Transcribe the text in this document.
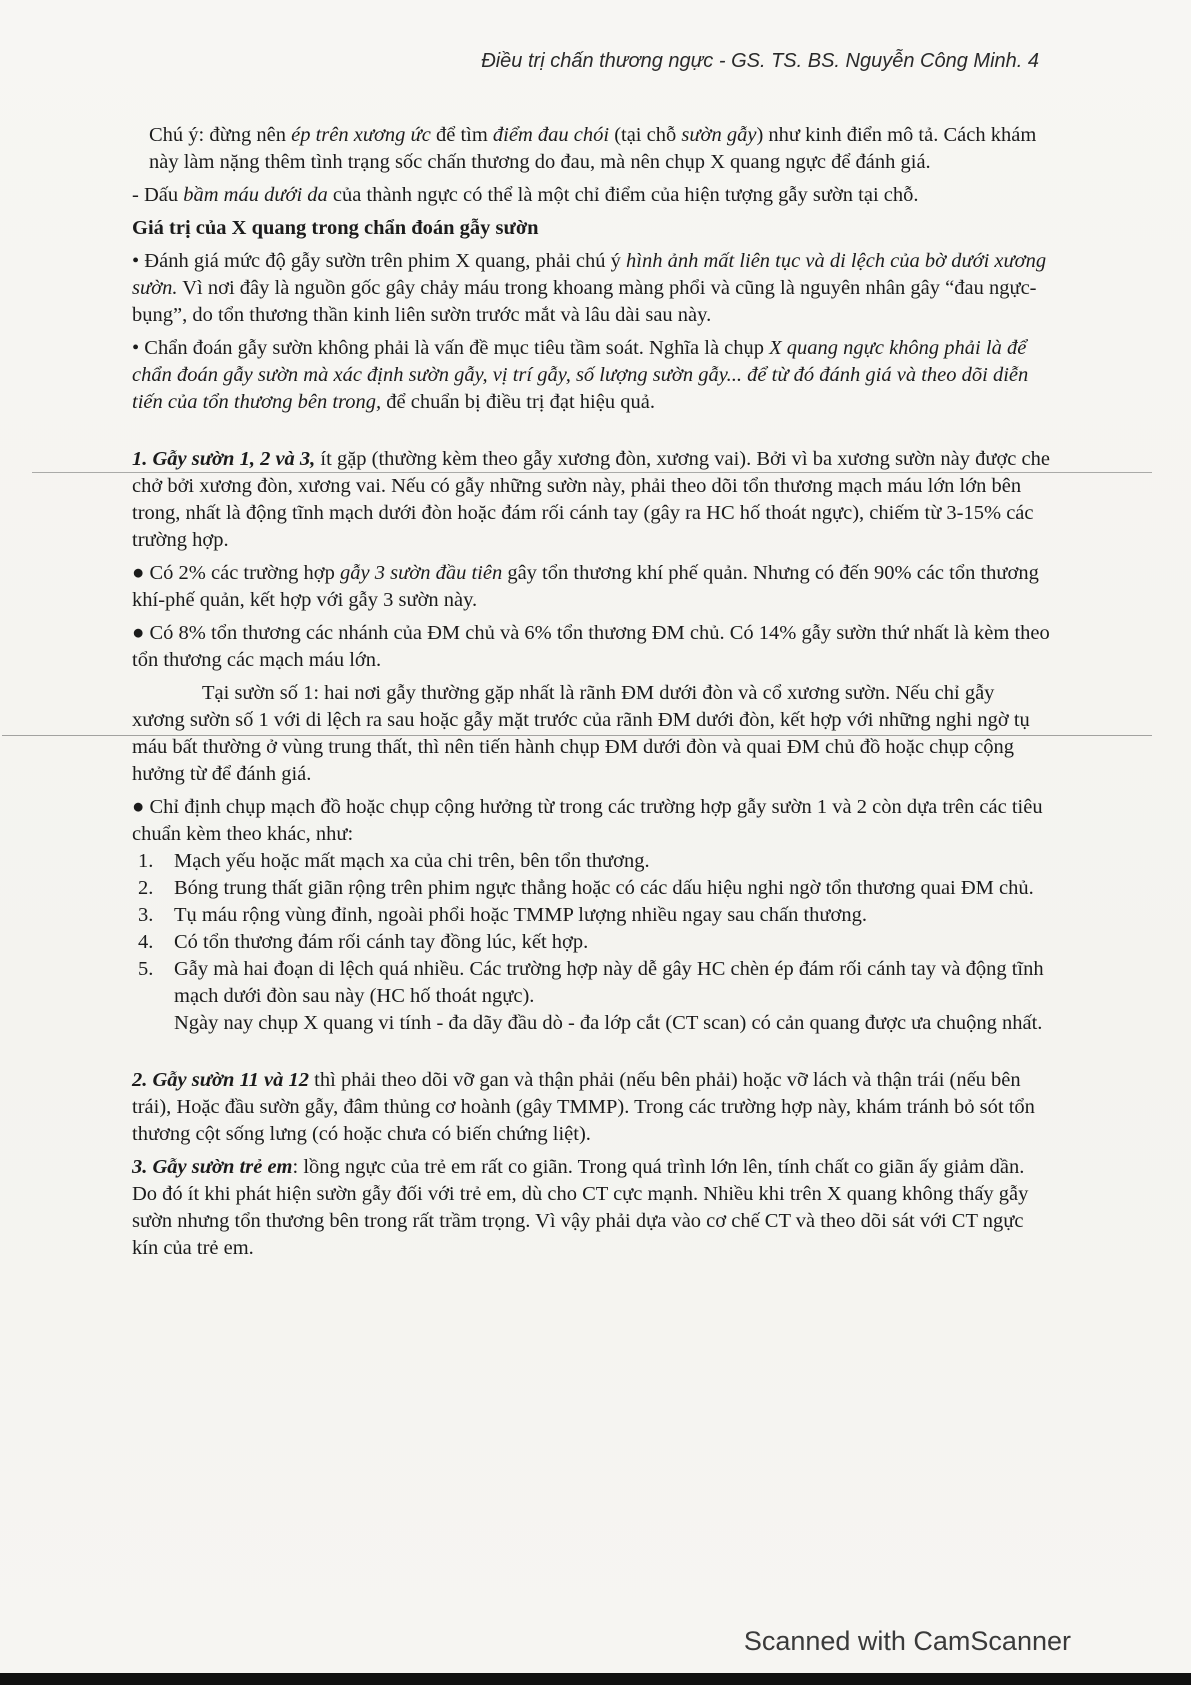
Điều trị chấn thương ngực - GS. TS. BS. Nguyễn Công Minh. 4

Chú ý: đừng nên ép trên xương ức để tìm điểm đau chói (tại chỗ sườn gẫy) như kinh điển mô tả. Cách khám này làm nặng thêm tình trạng sốc chấn thương do đau, mà nên chụp X quang ngực để đánh giá.

- Dấu bầm máu dưới da của thành ngực có thể là một chỉ điểm của hiện tượng gẫy sườn tại chỗ.

Giá trị của X quang trong chẩn đoán gẫy sườn

• Đánh giá mức độ gẫy sườn trên phim X quang, phải chú ý hình ảnh mất liên tục và di lệch của bờ dưới xương sườn. Vì nơi đây là nguồn gốc gây chảy máu trong khoang màng phổi và cũng là nguyên nhân gây “đau ngực-bụng”, do tổn thương thần kinh liên sườn trước mắt và lâu dài sau này.

• Chẩn đoán gẫy sườn không phải là vấn đề mục tiêu tầm soát. Nghĩa là chụp X quang ngực không phải là để chẩn đoán gẫy sườn mà xác định sườn gẫy, vị trí gẫy, số lượng sườn gẫy... để từ đó đánh giá và theo dõi diễn tiến của tổn thương bên trong, để chuẩn bị điều trị đạt hiệu quả.

1. Gẫy sườn 1, 2 và 3, ít gặp (thường kèm theo gẫy xương đòn, xương vai). Bởi vì ba xương sườn này được che chở bởi xương đòn, xương vai. Nếu có gẫy những sườn này, phải theo dõi tổn thương mạch máu lớn lớn bên trong, nhất là động tĩnh mạch dưới đòn hoặc đám rối cánh tay (gây ra HC hố thoát ngực), chiếm từ 3-15% các trường hợp.

● Có 2% các trường hợp gẫy 3 sườn đầu tiên gây tổn thương khí phế quản. Nhưng có đến 90% các tổn thương khí-phế quản, kết hợp với gẫy 3 sườn này.

● Có 8% tổn thương các nhánh của ĐM chủ và 6% tổn thương ĐM chủ. Có 14% gẫy sườn thứ nhất là kèm theo tổn thương các mạch máu lớn.

Tại sườn số 1: hai nơi gẫy thường gặp nhất là rãnh ĐM dưới đòn và cổ xương sườn. Nếu chỉ gẫy xương sườn số 1 với di lệch ra sau hoặc gẫy mặt trước của rãnh ĐM dưới đòn, kết hợp với những nghi ngờ tụ máu bất thường ở vùng trung thất, thì nên tiến hành chụp ĐM dưới đòn và quai ĐM chủ đồ hoặc chụp cộng hưởng từ để đánh giá.

● Chỉ định chụp mạch đồ hoặc chụp cộng hưởng từ trong các trường hợp gẫy sườn 1 và 2 còn dựa trên các tiêu chuẩn kèm theo khác, như:

1. Mạch yếu hoặc mất mạch xa của chi trên, bên tổn thương.
2. Bóng trung thất giãn rộng trên phim ngực thẳng hoặc có các dấu hiệu nghi ngờ tổn thương quai ĐM chủ.
3. Tụ máu rộng vùng đỉnh, ngoài phổi hoặc TMMP lượng nhiều ngay sau chấn thương.
4. Có tổn thương đám rối cánh tay đồng lúc, kết hợp.
5. Gẫy mà hai đoạn di lệch quá nhiều. Các trường hợp này dễ gây HC chèn ép đám rối cánh tay và động tĩnh mạch dưới đòn sau này (HC hố thoát ngực).

Ngày nay chụp X quang vi tính - đa dãy đầu dò - đa lớp cắt (CT scan) có cản quang được ưa chuộng nhất.

2. Gẫy sườn 11 và 12 thì phải theo dõi vỡ gan và thận phải (nếu bên phải) hoặc vỡ lách và thận trái (nếu bên trái), Hoặc đầu sườn gẫy, đâm thủng cơ hoành (gây TMMP). Trong các trường hợp này, khám tránh bỏ sót tổn thương cột sống lưng (có hoặc chưa có biến chứng liệt).

3. Gẫy sườn trẻ em: lồng ngực của trẻ em rất co giãn. Trong quá trình lớn lên, tính chất co giãn ấy giảm dần. Do đó ít khi phát hiện sườn gẫy đối với trẻ em, dù cho CT cực mạnh. Nhiều khi trên X quang không thấy gẫy sườn nhưng tổn thương bên trong rất trầm trọng. Vì vậy phải dựa vào cơ chế CT và theo dõi sát với CT ngực kín của trẻ em.

Scanned with CamScanner
